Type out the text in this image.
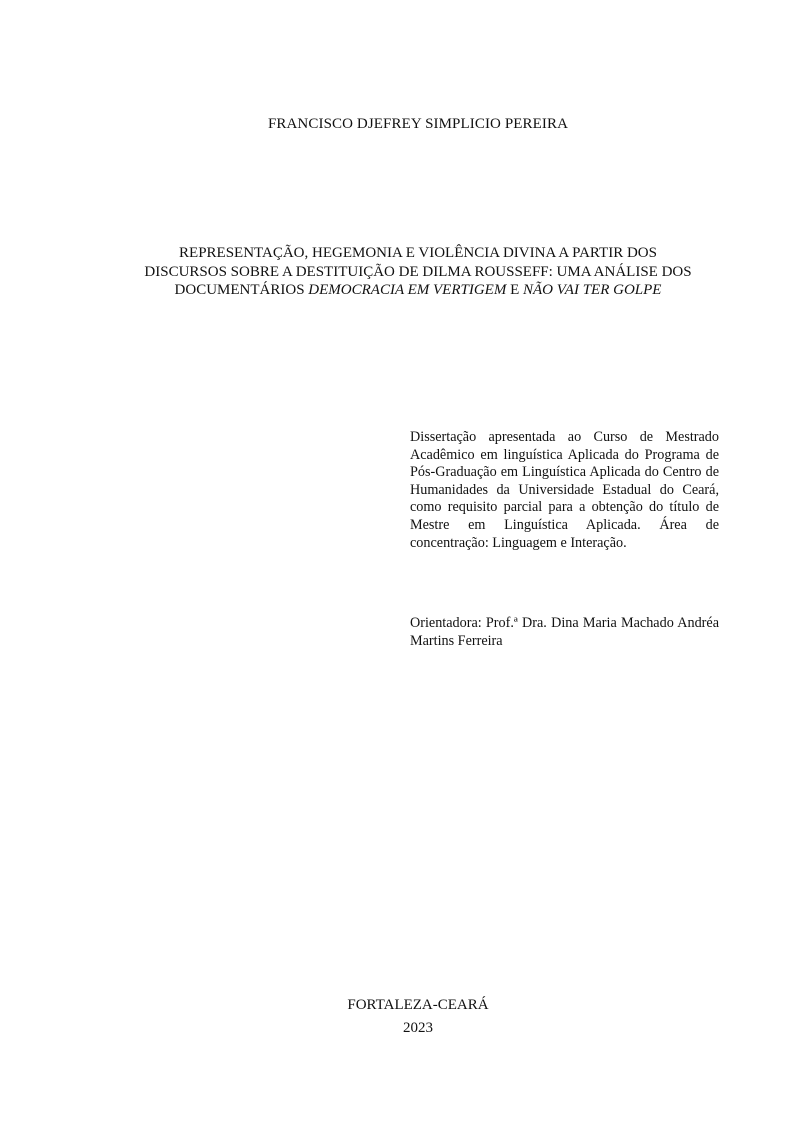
FRANCISCO DJEFREY SIMPLICIO PEREIRA
REPRESENTAÇÃO, HEGEMONIA E VIOLÊNCIA DIVINA A PARTIR DOS
DISCURSOS SOBRE A DESTITUIÇÃO DE DILMA ROUSSEFF: UMA ANÁLISE DOS
DOCUMENTÁRIOS DEMOCRACIA EM VERTIGEM E NÃO VAI TER GOLPE
Dissertação apresentada ao Curso de Mestrado Acadêmico em linguística Aplicada do Programa de Pós-Graduação em Linguística Aplicada do Centro de Humanidades da Universidade Estadual do Ceará, como requisito parcial para a obtenção do título de Mestre em Linguística Aplicada. Área de concentração: Linguagem e Interação.
Orientadora: Prof.ª Dra. Dina Maria Machado Andréa Martins Ferreira
FORTALEZA-CEARÁ
2023
